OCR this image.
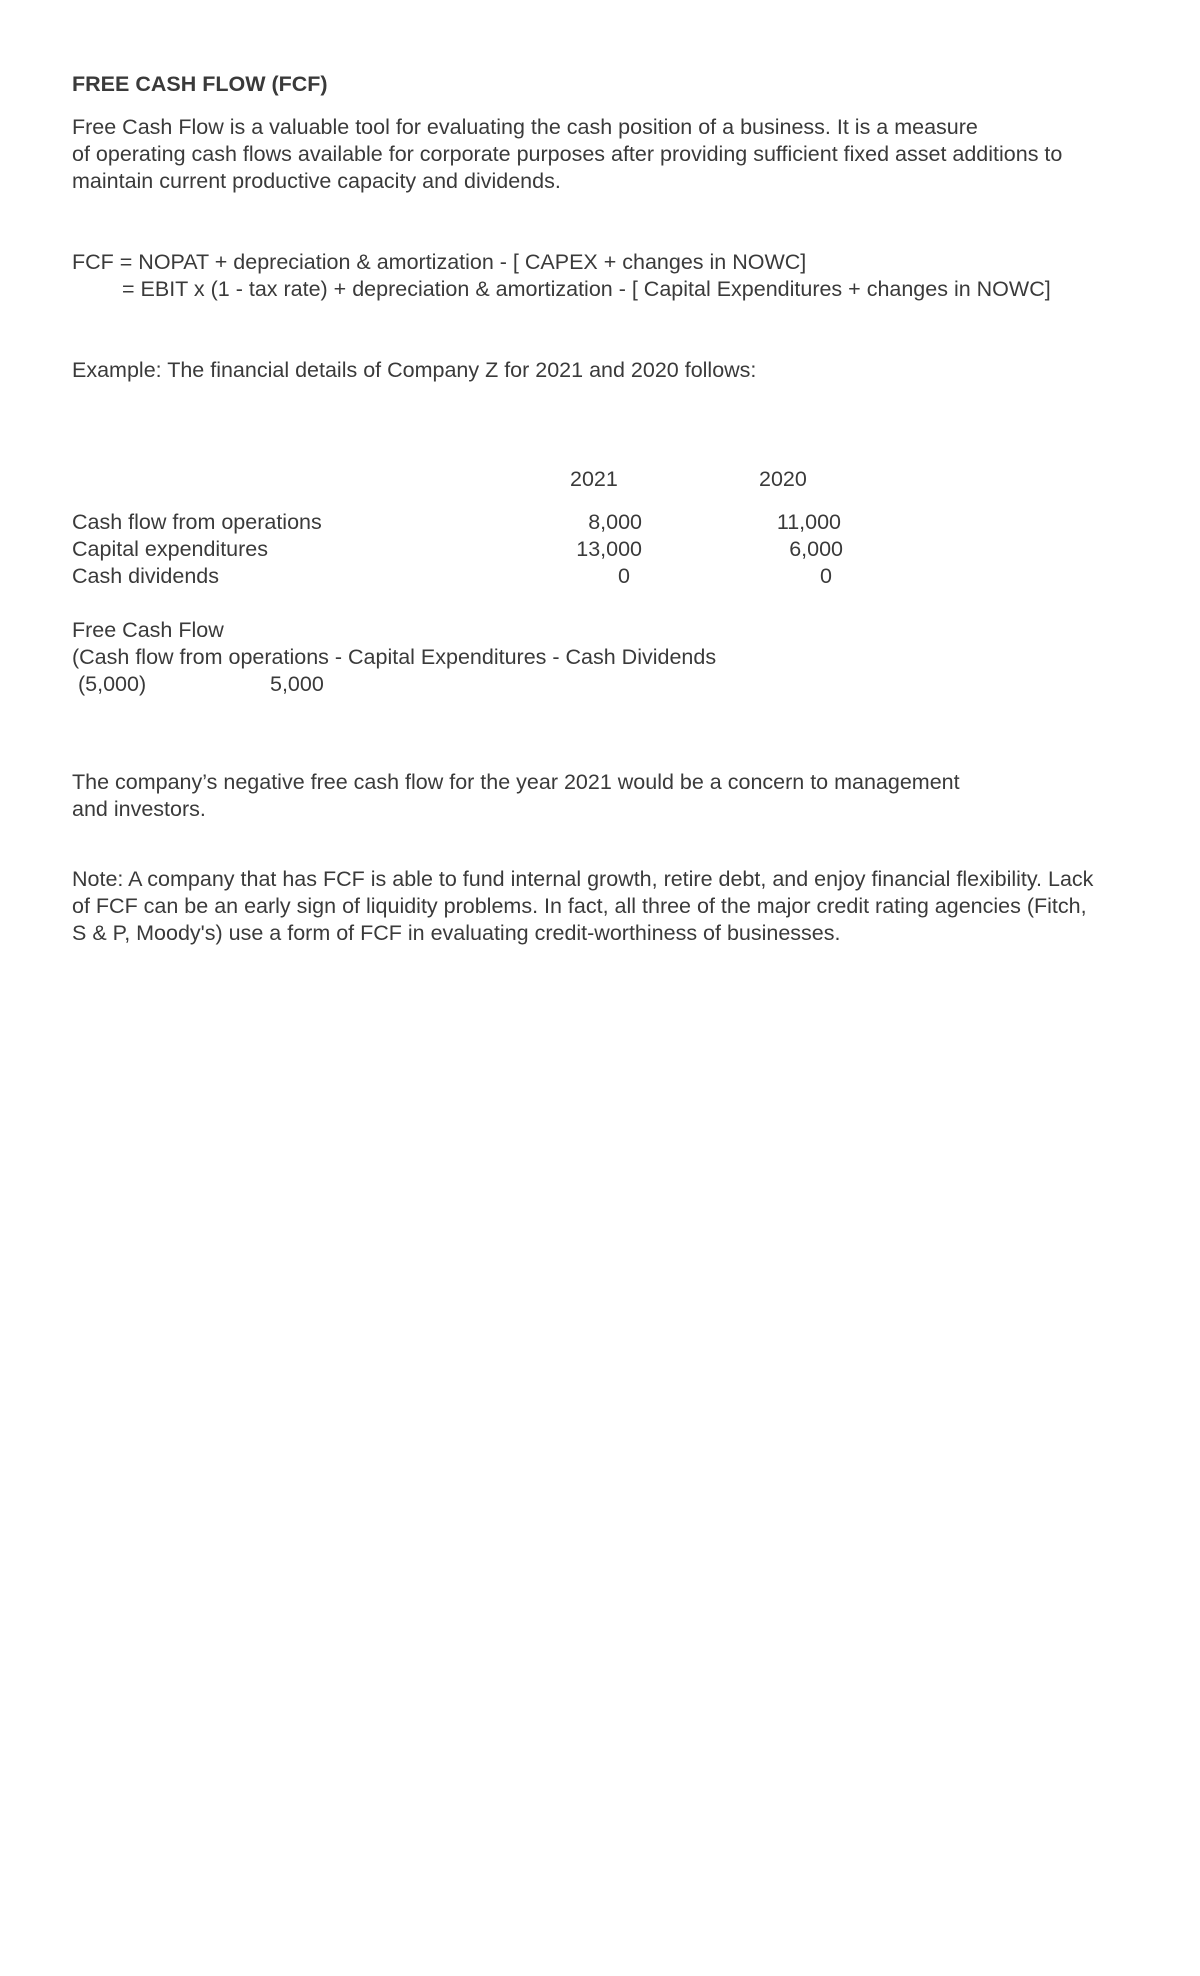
FREE CASH FLOW (FCF)
Free Cash Flow is a valuable tool for evaluating the cash position of a business. It is a measure
of operating cash flows available for corporate purposes after providing sufficient fixed asset additions to
maintain current productive capacity and dividends.
FCF = NOPAT + depreciation & amortization - [ CAPEX + changes in NOWC]
= EBIT x (1 - tax rate) + depreciation & amortization - [ Capital Expenditures + changes in NOWC]
Example: The financial details of Company Z for 2021 and 2020 follows:
2021	2020
Cash flow from operations	8,000	11,000
Capital expenditures	13,000	6,000
Cash dividends	0	0
Free Cash Flow
(Cash flow from operations - Capital Expenditures - Cash Dividends
(5,000)	5,000
The company’s negative free cash flow for the year 2021 would be a concern to management
and investors.
Note: A company that has FCF is able to fund internal growth, retire debt, and enjoy financial flexibility. Lack
of FCF can be an early sign of liquidity problems. In fact, all three of the major credit rating agencies (Fitch,
S & P, Moody's) use a form of FCF in evaluating credit-worthiness of businesses.
